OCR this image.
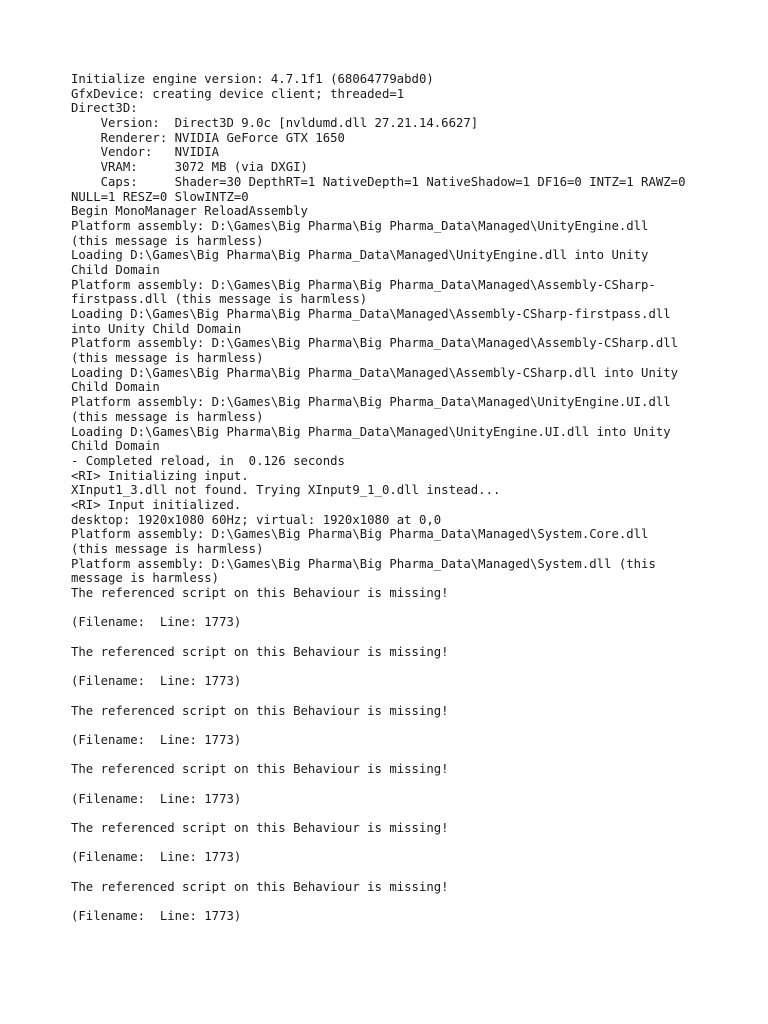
Initialize engine version: 4.7.1f1 (68064779abd0)

GfxDevice: creating device client; threaded=1

Direct3D:

Version:  Direct3D 9.0c [nvldumd.dll 27.21.14.6627]

Renderer: NVIDIA GeForce GTX 1650

Vendor:   NVIDIA

VRAM:     3072 MB (via DXGI)

Caps:     Shader=30 DepthRT=1 NativeDepth=1 NativeShadow=1 DF16=0 INTZ=1 RAWZ=0

NULL=1 RESZ=0 SlowINTZ=0

Begin MonoManager ReloadAssembly

Platform assembly: D:\Games\Big Pharma\Big Pharma_Data\Managed\UnityEngine.dll

(this message is harmless)

Loading D:\Games\Big Pharma\Big Pharma_Data\Managed\UnityEngine.dll into Unity

Child Domain

Platform assembly: D:\Games\Big Pharma\Big Pharma_Data\Managed\Assembly-CSharp-

firstpass.dll (this message is harmless)

Loading D:\Games\Big Pharma\Big Pharma_Data\Managed\Assembly-CSharp-firstpass.dll

into Unity Child Domain

Platform assembly: D:\Games\Big Pharma\Big Pharma_Data\Managed\Assembly-CSharp.dll

(this message is harmless)

Loading D:\Games\Big Pharma\Big Pharma_Data\Managed\Assembly-CSharp.dll into Unity

Child Domain

Platform assembly: D:\Games\Big Pharma\Big Pharma_Data\Managed\UnityEngine.UI.dll

(this message is harmless)

Loading D:\Games\Big Pharma\Big Pharma_Data\Managed\UnityEngine.UI.dll into Unity

Child Domain

- Completed reload, in  0.126 seconds

<RI> Initializing input.

XInput1_3.dll not found. Trying XInput9_1_0.dll instead...

<RI> Input initialized.

desktop: 1920x1080 60Hz; virtual: 1920x1080 at 0,0

Platform assembly: D:\Games\Big Pharma\Big Pharma_Data\Managed\System.Core.dll

(this message is harmless)

Platform assembly: D:\Games\Big Pharma\Big Pharma_Data\Managed\System.dll (this

message is harmless)

The referenced script on this Behaviour is missing!

(Filename:  Line: 1773)

The referenced script on this Behaviour is missing!

(Filename:  Line: 1773)

The referenced script on this Behaviour is missing!

(Filename:  Line: 1773)

The referenced script on this Behaviour is missing!

(Filename:  Line: 1773)

The referenced script on this Behaviour is missing!

(Filename:  Line: 1773)

The referenced script on this Behaviour is missing!

(Filename:  Line: 1773)
